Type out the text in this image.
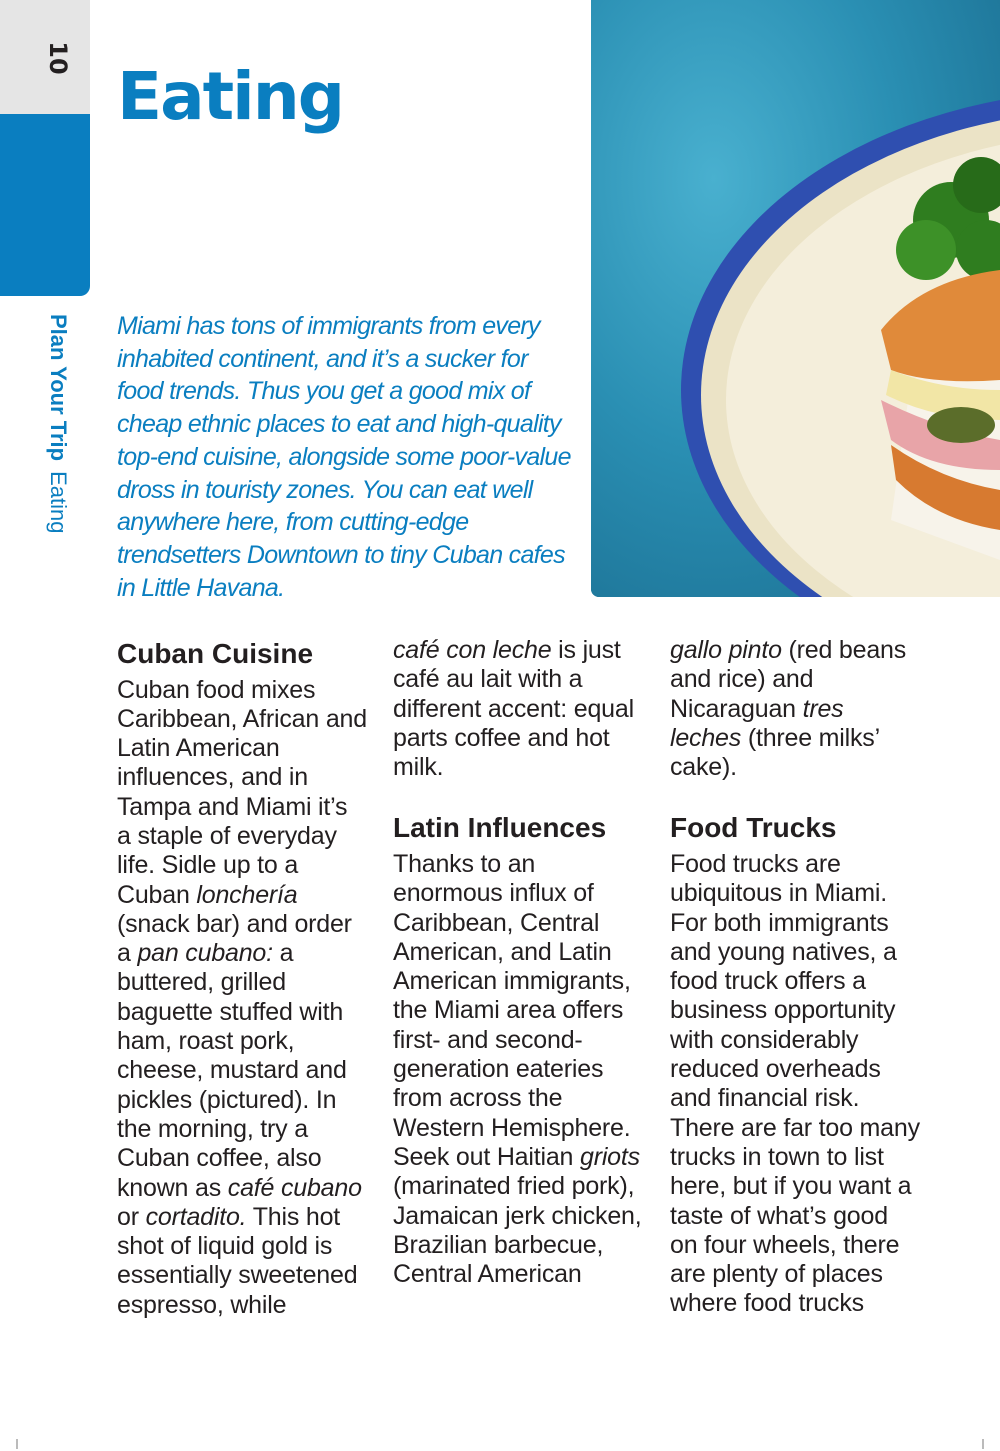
10
Plan Your TripEating
Eating

Miami has tons of immigrants from every inhabited continent, and it’s a sucker for food trends. Thus you get a good mix of cheap ethnic places to eat and high-quality top-end cuisine, alongside some poor-value dross in touristy zones. You can eat well anywhere here, from cutting-edge trendsetters Downtown to tiny Cuban cafes in Little Havana.

Cuban Cuisine

Cuban food mixes Caribbean, African and Latin American influences, and in Tampa and Miami it’s a staple of everyday life. Sidle up to a Cuban lonchería (snack bar) and order a pan cubano: a buttered, grilled baguette stuffed with ham, roast pork, cheese, mustard and pickles (pictured). In the morning, try a Cuban coffee, also known as café cubano or cortadito. This hot shot of liquid gold is essentially sweetened espresso, while

café con leche is just café au lait with a different accent: equal parts coffee and hot milk.

Latin Influences

Thanks to an enormous influx of Caribbean, Central American, and Latin American immigrants, the Miami area offers first- and second-generation eateries from across the Western Hemisphere. Seek out Haitian griots (marinated fried pork), Jamaican jerk chicken, Brazilian barbecue, Central American

gallo pinto (red beans and rice) and Nicaraguan tres leches (three milks’ cake).

Food Trucks

Food trucks are ubiquitous in Miami. For both immigrants and young natives, a food truck offers a business opportunity with considerably reduced overheads and financial risk. There are far too many trucks in town to list here, but if you want a taste of what’s good on four wheels, there are plenty of places where food trucks
